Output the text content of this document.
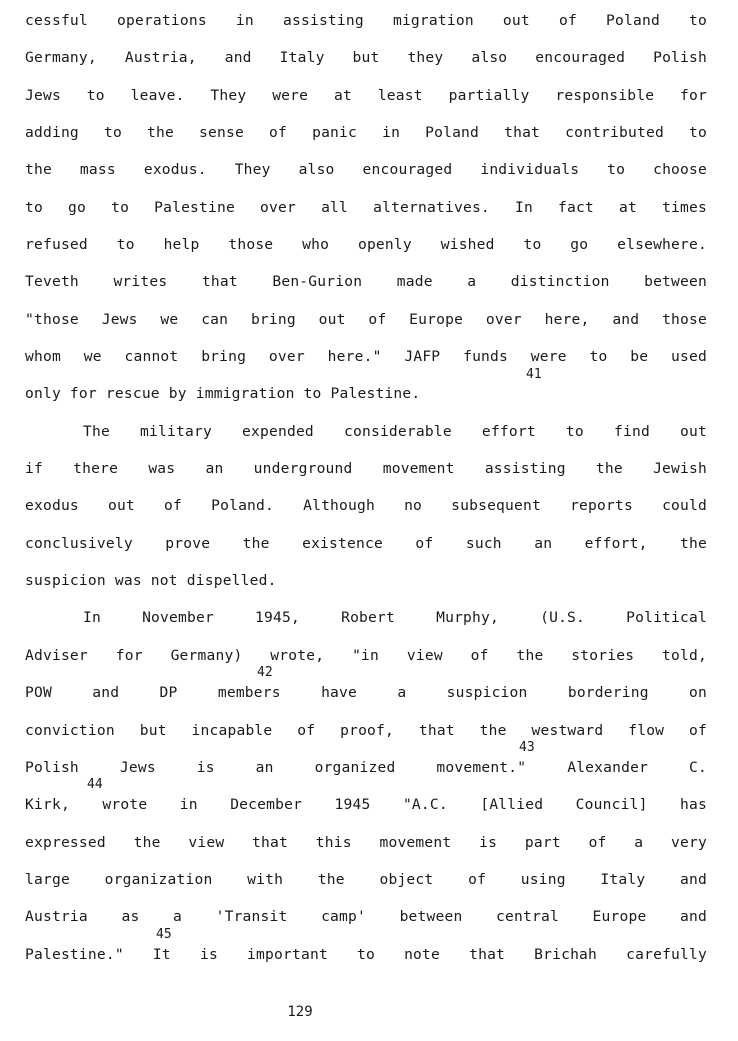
cessful operations in assisting migration out of Poland to
Germany, Austria, and Italy but they also encouraged Polish
Jews to leave. They were at least partially responsible for
adding to the sense of panic in Poland that contributed to
the mass exodus. They also encouraged individuals to choose
to go to Palestine over all alternatives. In fact at times
refused to help those who openly wished to go elsewhere.
Teveth writes that Ben-Gurion made a distinction between
"those Jews we can bring out of Europe over here, and those
whom we cannot bring over here." JAFP funds were to be used
41
only for rescue by immigration to Palestine.
The military expended considerable effort to find out
if there was an underground movement assisting the Jewish
exodus out of Poland. Although no subsequent reports could
conclusively prove the existence of such an effort, the
suspicion was not dispelled.
In November 1945, Robert Murphy, (U.S. Political
Adviser for Germany) wrote, "in view of the stories told,
42
POW and DP members have a suspicion bordering on
conviction but incapable of proof, that the westward flow of
43
Polish Jews is an organized movement." Alexander C.
44
Kirk, wrote in December 1945 "A.C. [Allied Council] has
expressed the view that this movement is part of a very
large organization with the object of using Italy and
Austria as a 'Transit camp' between central Europe and
45
Palestine." It is important to note that Brichah carefully
129
